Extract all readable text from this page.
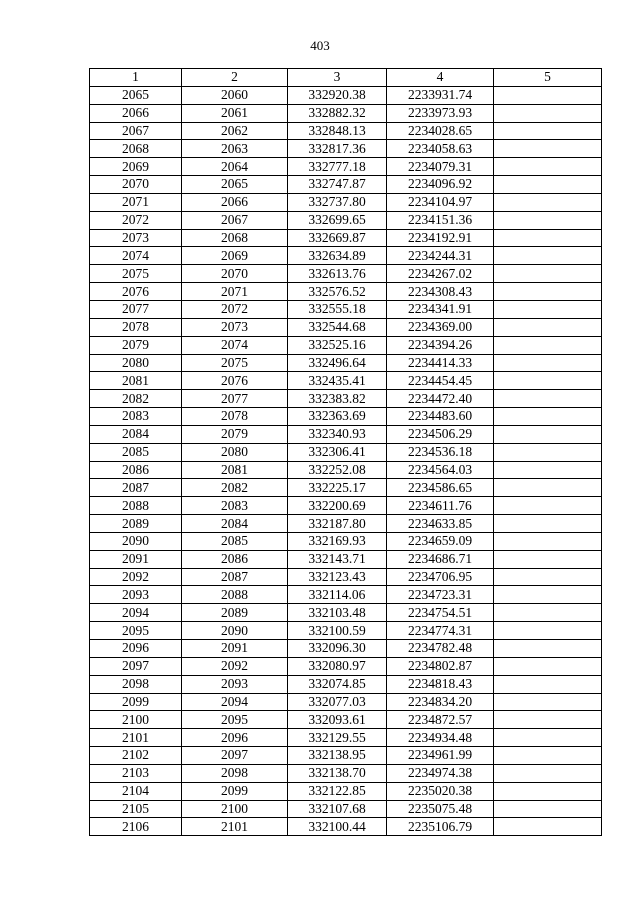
403
1	2	3	4	5
2065	2060	332920.38	2233931.74	
2066	2061	332882.32	2233973.93	
2067	2062	332848.13	2234028.65	
2068	2063	332817.36	2234058.63	
2069	2064	332777.18	2234079.31	
2070	2065	332747.87	2234096.92	
2071	2066	332737.80	2234104.97	
2072	2067	332699.65	2234151.36	
2073	2068	332669.87	2234192.91	
2074	2069	332634.89	2234244.31	
2075	2070	332613.76	2234267.02	
2076	2071	332576.52	2234308.43	
2077	2072	332555.18	2234341.91	
2078	2073	332544.68	2234369.00	
2079	2074	332525.16	2234394.26	
2080	2075	332496.64	2234414.33	
2081	2076	332435.41	2234454.45	
2082	2077	332383.82	2234472.40	
2083	2078	332363.69	2234483.60	
2084	2079	332340.93	2234506.29	
2085	2080	332306.41	2234536.18	
2086	2081	332252.08	2234564.03	
2087	2082	332225.17	2234586.65	
2088	2083	332200.69	2234611.76	
2089	2084	332187.80	2234633.85	
2090	2085	332169.93	2234659.09	
2091	2086	332143.71	2234686.71	
2092	2087	332123.43	2234706.95	
2093	2088	332114.06	2234723.31	
2094	2089	332103.48	2234754.51	
2095	2090	332100.59	2234774.31	
2096	2091	332096.30	2234782.48	
2097	2092	332080.97	2234802.87	
2098	2093	332074.85	2234818.43	
2099	2094	332077.03	2234834.20	
2100	2095	332093.61	2234872.57	
2101	2096	332129.55	2234934.48	
2102	2097	332138.95	2234961.99	
2103	2098	332138.70	2234974.38	
2104	2099	332122.85	2235020.38	
2105	2100	332107.68	2235075.48	
2106	2101	332100.44	2235106.79	
